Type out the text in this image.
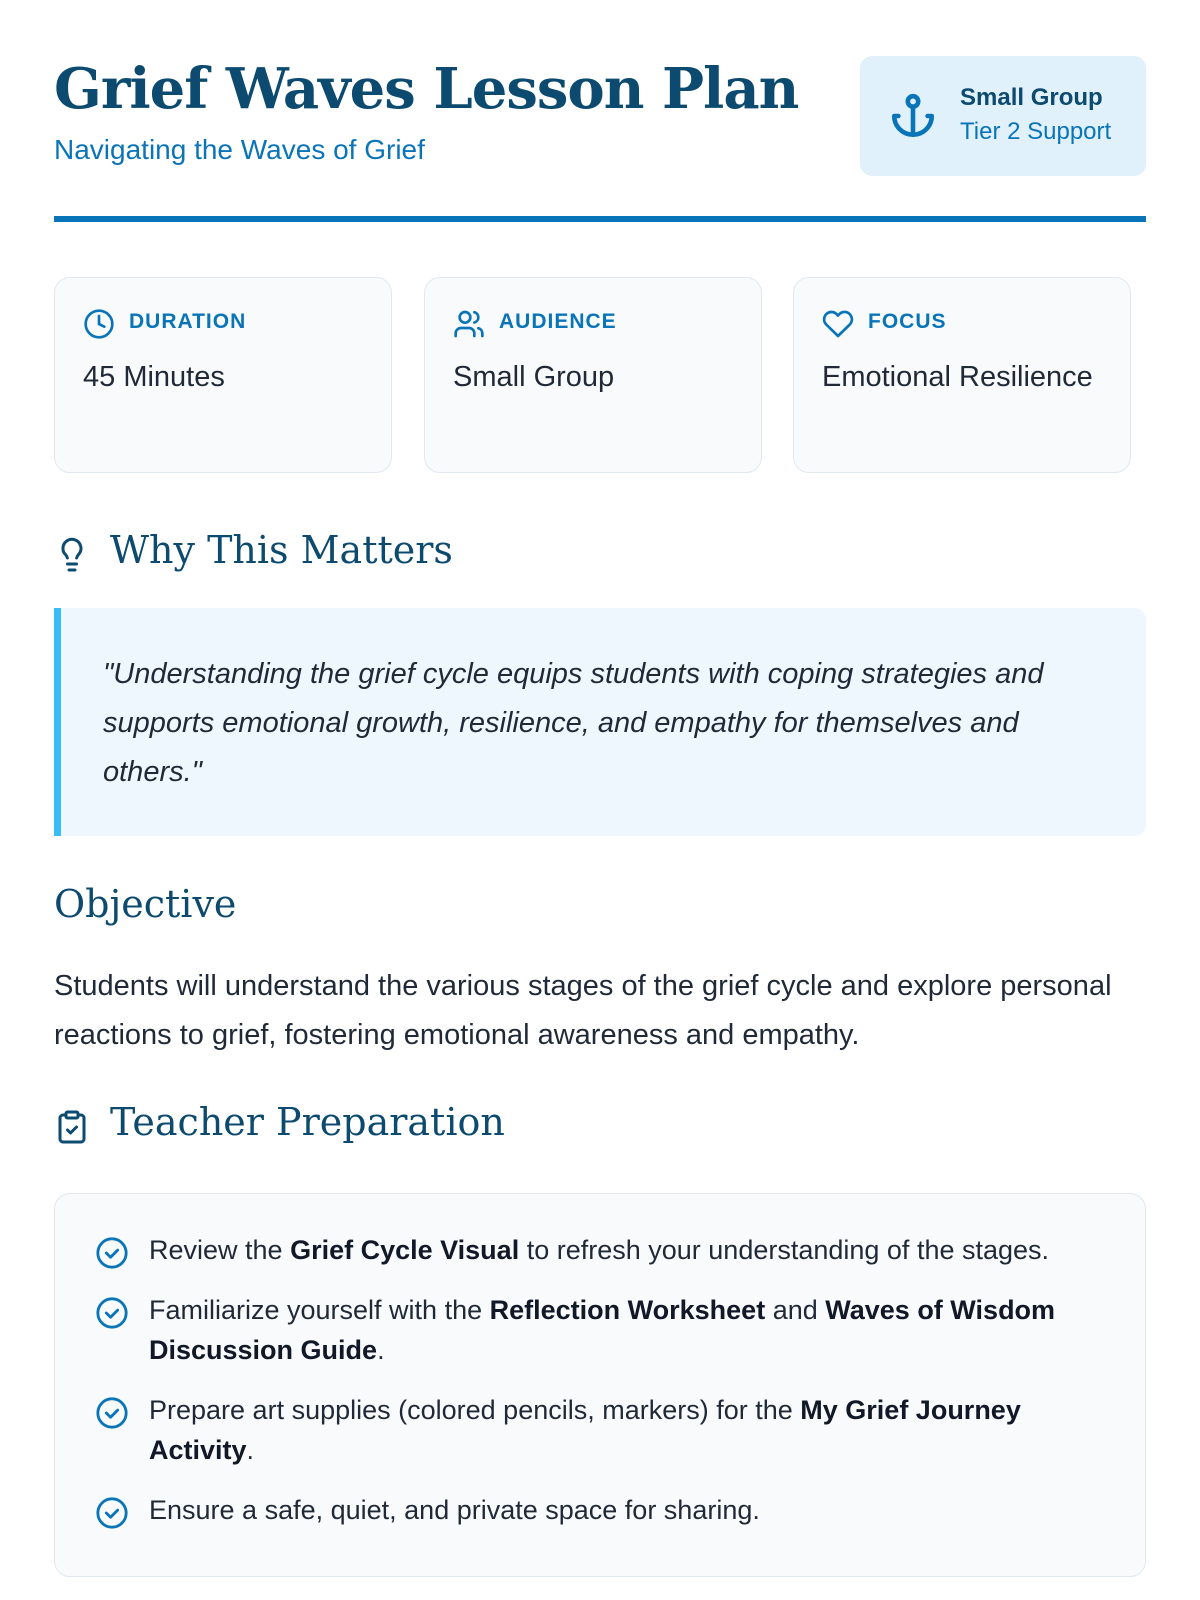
Grief Waves Lesson Plan
Navigating the Waves of Grief
Small Group
Tier 2 Support
DURATION
45 Minutes
AUDIENCE
Small Group
FOCUS
Emotional Resilience
Why This Matters
"Understanding the grief cycle equips students with coping strategies and supports emotional growth, resilience, and empathy for themselves and others."
Objective
Students will understand the various stages of the grief cycle and explore personal reactions to grief, fostering emotional awareness and empathy.
Teacher Preparation
Review the Grief Cycle Visual to refresh your understanding of the stages.
Familiarize yourself with the Reflection Worksheet and Waves of Wisdom Discussion Guide.
Prepare art supplies (colored pencils, markers) for the My Grief Journey Activity.
Ensure a safe, quiet, and private space for sharing.
